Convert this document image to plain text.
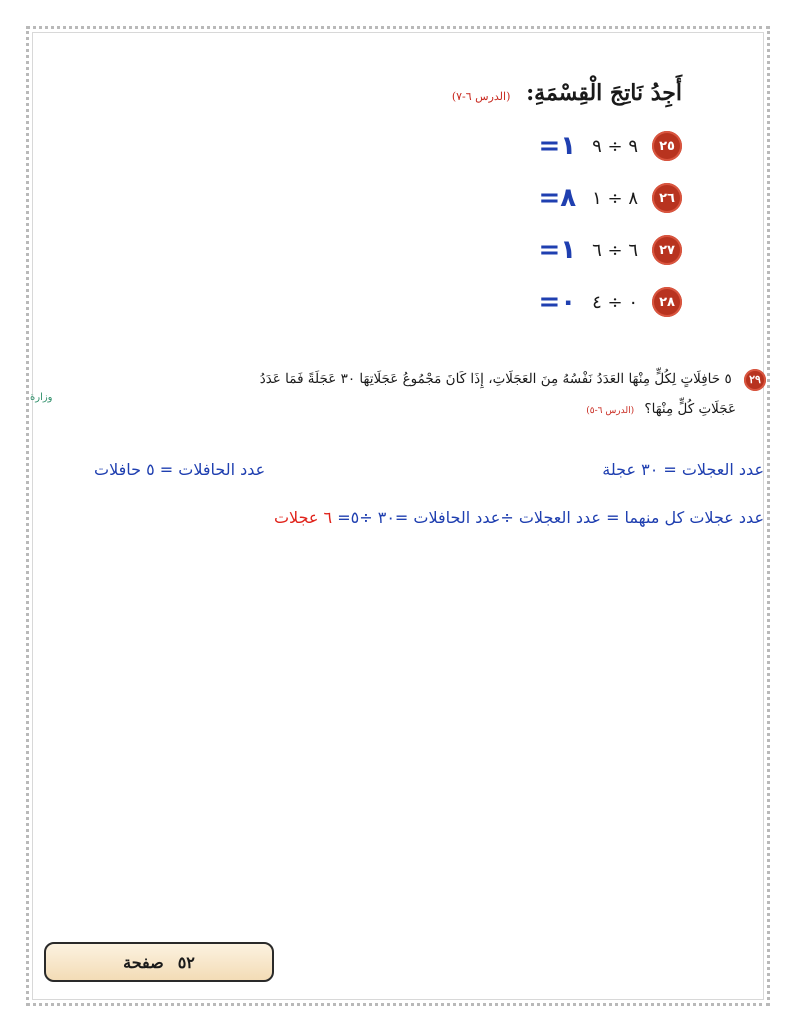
أَجِدُ نَاتِجَ الْقِسْمَةِ: (الدرس ٦-٧)
٢٥
٩ ÷ ٩
١=
٢٦
٨ ÷ ١
٨=
٢٧
٦ ÷ ٦
١=
٢٨
٠ ÷ ٤
٠=
٢٩ ٥ حَافِلَاتٍ لِكُلٍّ مِنْهَا العَدَدُ نَفْسُهُ مِنَ العَجَلَاتِ، إِذَا كَانَ مَجْمُوعُ عَجَلَاتِهَا ٣٠ عَجَلَةً فَمَا عَدَدُ
عَجَلَاتِ كُلٍّ مِنْهَا؟ (الدرس ٦-٥)
وزارة
عدد العجلات = ٣٠ عجلة
عدد الحافلات = ٥ حافلات
عدد عجلات كل منهما = عدد العجلات ÷عدد الحافلات =٣٠ ÷٥= ٦ عجلات
صفحة ٥٢
